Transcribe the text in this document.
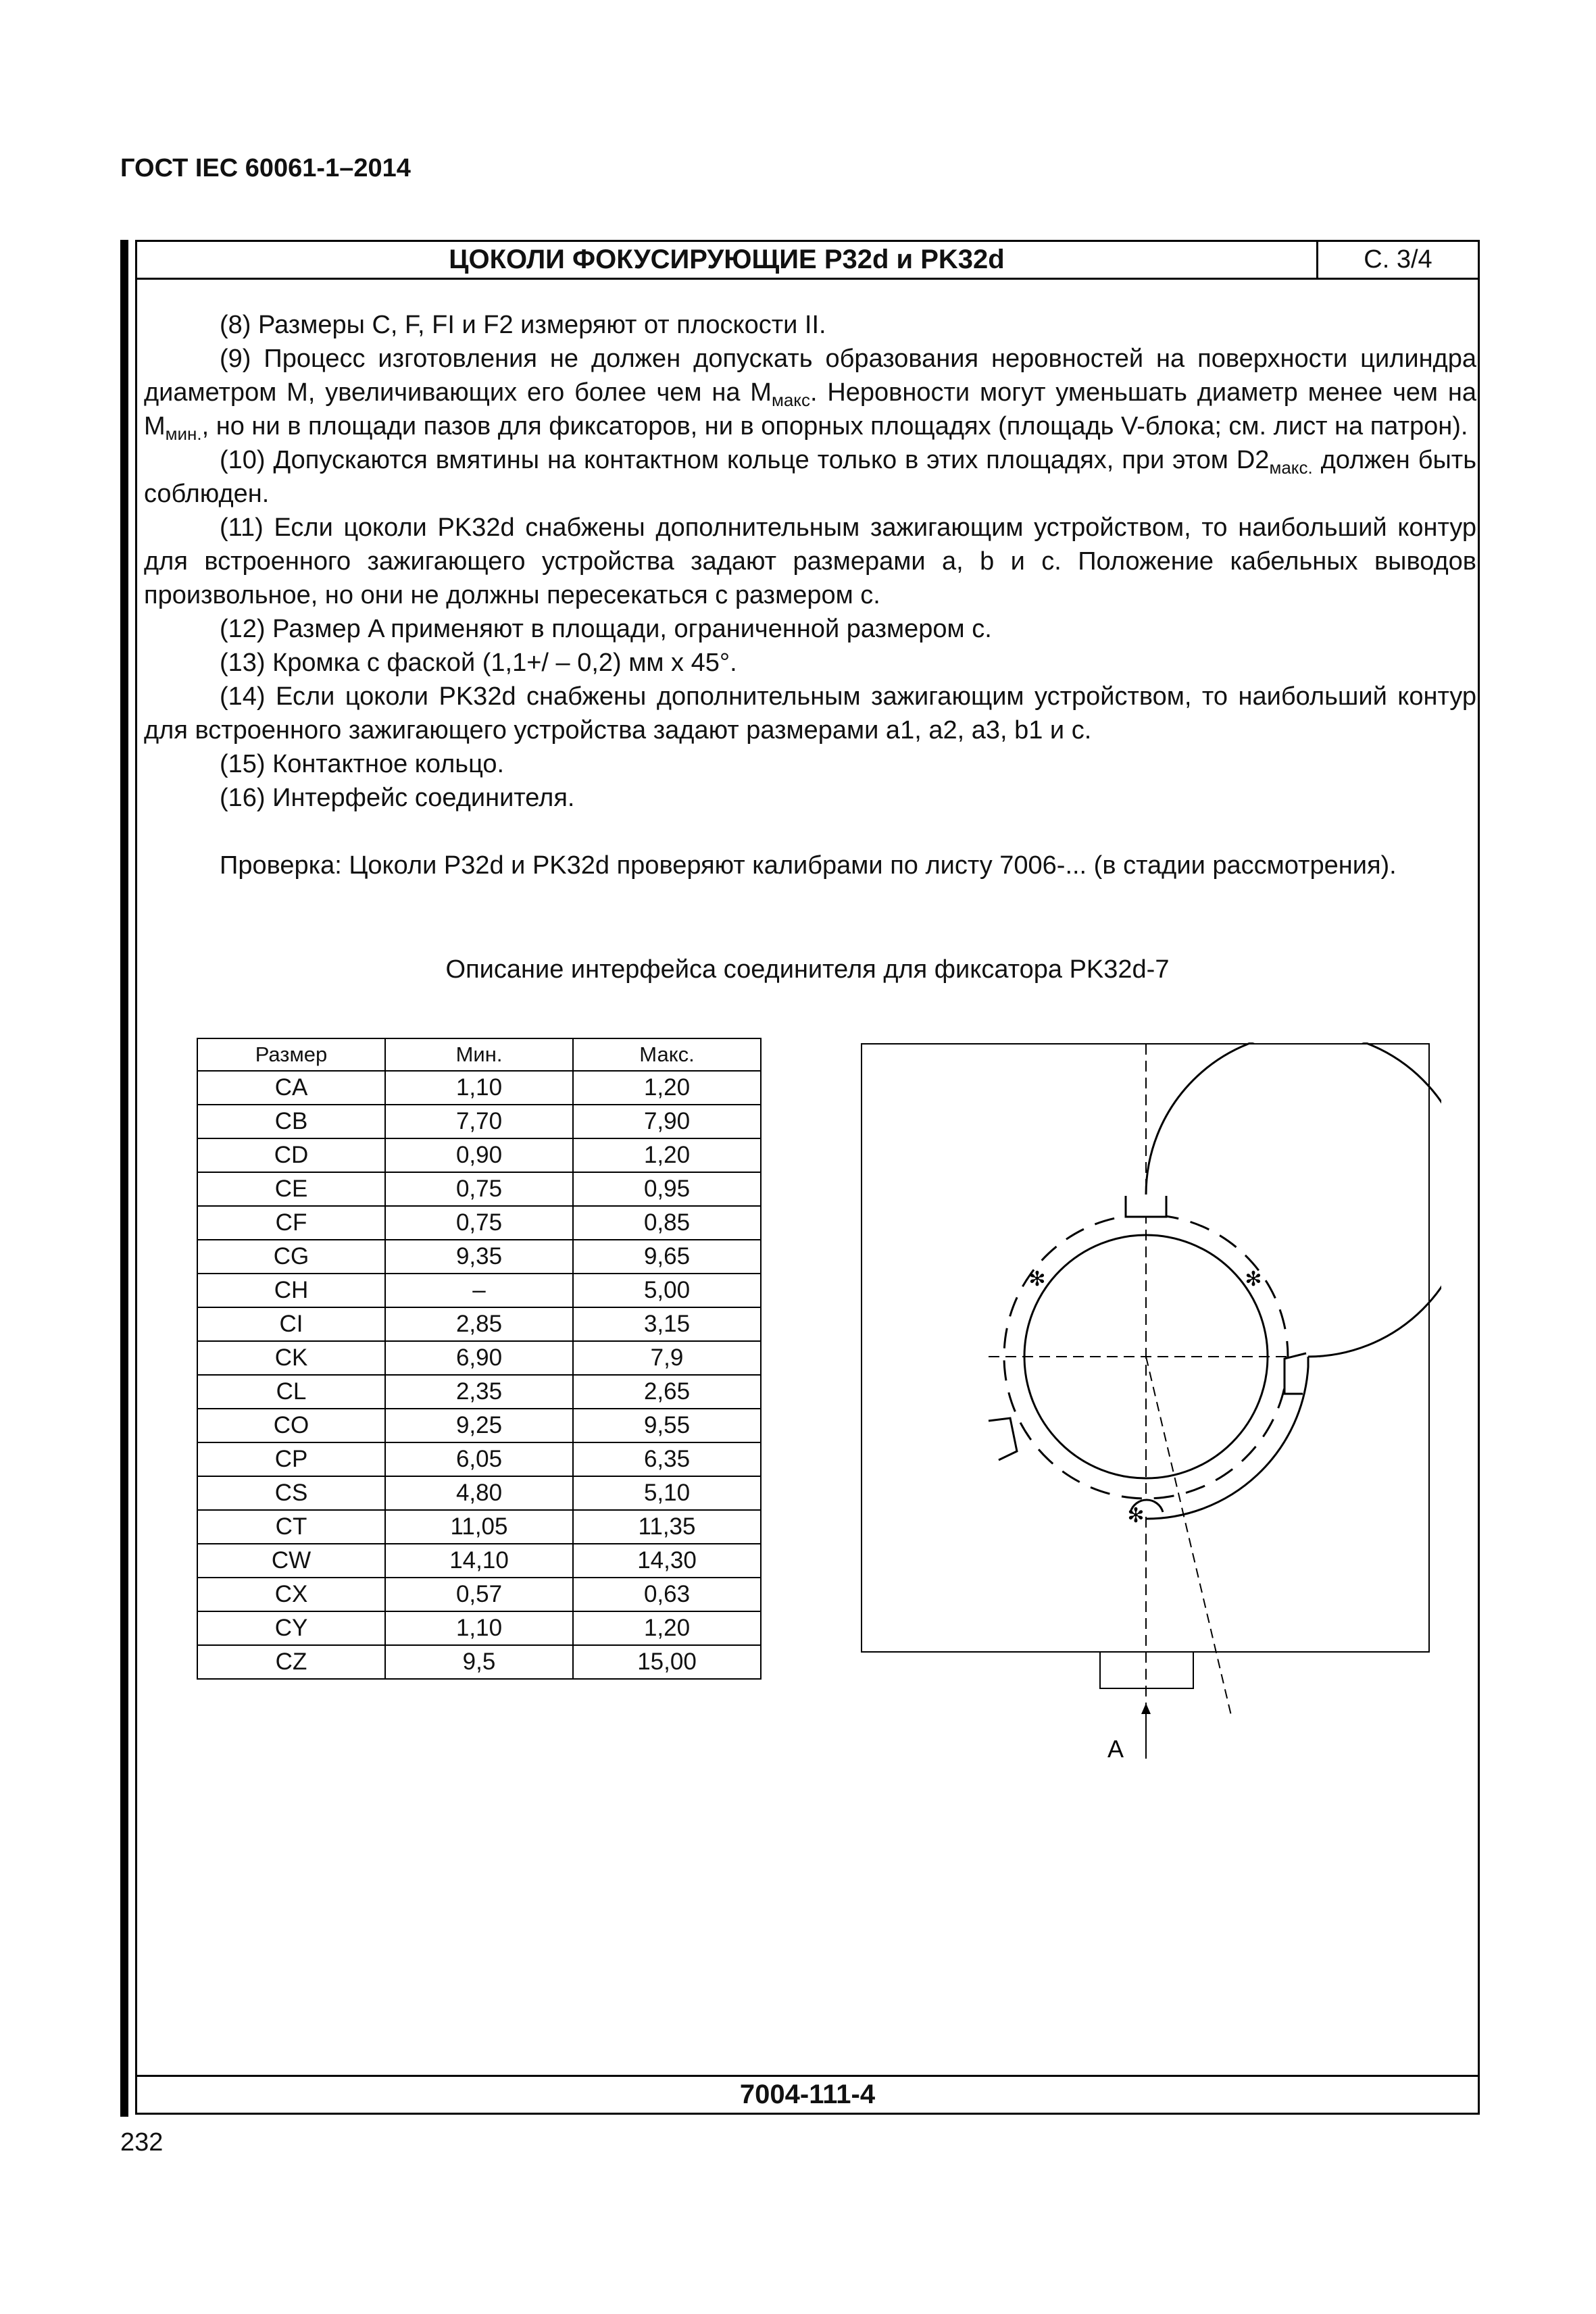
ГОСТ IEC 60061-1–2014
ЦОКОЛИ ФОКУСИРУЮЩИЕ P32d и PK32d	С. 3/4

(8) Размеры C, F, FI и F2 измеряют от плоскости II.

(9) Процесс изготовления не должен допускать образования неровностей на поверхности цилиндра диаметром M, увеличивающих его более чем на $M_{макс}$. Неровности могут уменьшать диаметр менее чем на $M_{мин.}$, но ни в площади пазов для фиксаторов, ни в опорных площадях (площадь V-блока; см. лист на патрон).

(10) Допускаются вмятины на контактном кольце только в этих площадях, при этом $D2_{макс.}$ должен быть соблюден.

(11) Если цоколи PK32d снабжены дополнительным зажигающим устройством, то наибольший контур для встроенного зажигающего устройства задают размерами a, b и c. Положение кабельных выводов произвольное, но они не должны пересекаться с размером c.

(12) Размер A применяют в площади, ограниченной размером c.

(13) Кромка с фаской (1,1+/ – 0,2) мм x 45°.

(14) Если цоколи PK32d снабжены дополнительным зажигающим устройством, то наибольший контур для встроенного зажигающего устройства задают размерами a1, a2, a3, b1 и c.

(15) Контактное кольцо.

(16) Интерфейс соединителя.

Проверка: Цоколи P32d и PK32d проверяют калибрами по листу 7006-... (в стадии рассмотрения).

Описание интерфейса соединителя для фиксатора PK32d-7
Размер	Мин.	Макс.
CA	1,10	1,20
CB	7,70	7,90
CD	0,90	1,20
CE	0,75	0,95
CF	0,75	0,85
CG	9,35	9,65
CH	–	5,00
CI	2,85	3,15
CK	6,90	7,9
CL	2,35	2,65
CO	9,25	9,55
CP	6,05	6,35
CS	4,80	5,10
CT	11,05	11,35
CW	14,10	14,30
CX	0,57	0,63
CY	1,10	1,20
CZ	9,5	15,00
✻	✻
✻
A
7004-111-4
232
